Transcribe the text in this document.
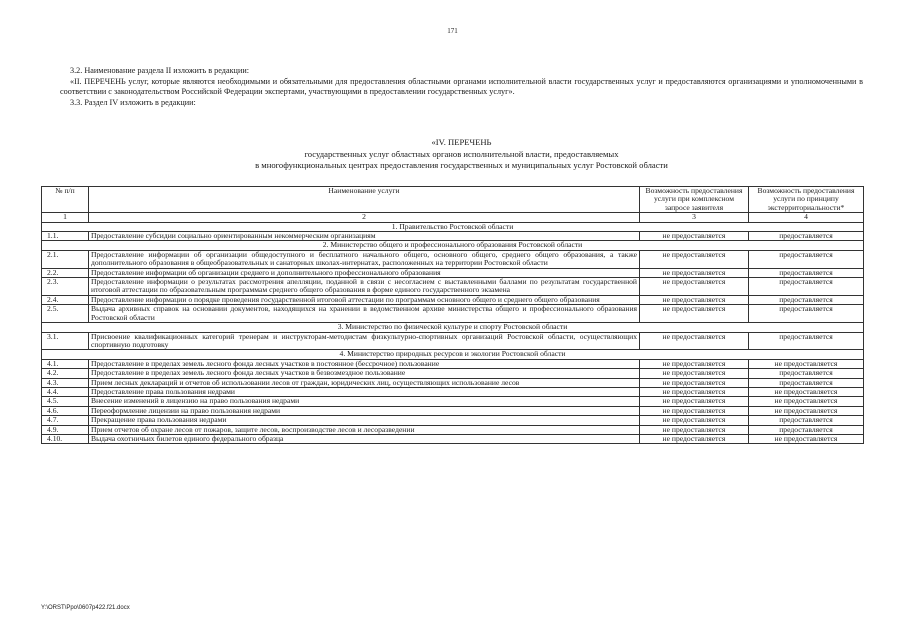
171

3.2. Наименование раздела II изложить в редакции:

«II. ПЕРЕЧЕНЬ услуг, которые являются необходимыми и обязательными для предоставления областными органами исполнительной власти государственных услуг и предоставляются организациями и уполномоченными в соответствии с законодательством Российской Федерации экспертами, участвующими в предоставлении государственных услуг».

3.3. Раздел IV изложить в редакции:

«IV. ПЕРЕЧЕНЬ
государственных услуг областных органов исполнительной власти, предоставляемых
в многофункциональных центрах предоставления государственных и муниципальных услуг Ростовской области
№ п/п	Наименование услуги	Возможность предоставления услуги при комплексном запросе заявителя	Возможность предоставления услуги по принципу экстерриториальности*
1	2	3	4
1. Правительство Ростовской области			
1.1.	Предоставление субсидии социально ориентированным некоммерческим организациям	не предоставляется	предоставляется
2. Министерство общего и профессионального образования Ростовской области			
2.1.	Предоставление информации об организации общедоступного и бесплатного начального общего, основного общего, среднего общего образования, а также дополнительного образования в общеобразовательных и санаторных школах-интернатах, расположенных на территории Ростовской области	не предоставляется	предоставляется
2.2.	Предоставление информации об организации среднего и дополнительного профессионального образования	не предоставляется	предоставляется
2.3.	Предоставление информации о результатах рассмотрения апелляции, поданной в связи с несогласием с выставленными баллами по результатам государственной итоговой аттестации по образовательным программам среднего общего образования в форме единого государственного экзамена	не предоставляется	предоставляется
2.4.	Предоставление информации о порядке проведения государственной итоговой аттестации по программам основного общего и среднего общего образования	не предоставляется	предоставляется
2.5.	Выдача архивных справок на основании документов, находящихся на хранении в ведомственном архиве министерства общего и профессионального образования Ростовской области	не предоставляется	предоставляется
3. Министерство по физической культуре и спорту Ростовской области			
3.1.	Присвоение квалификационных категорий тренерам и инструкторам-методистам физкультурно-спортивных организаций Ростовской области, осуществляющих спортивную подготовку	не предоставляется	предоставляется
4. Министерство природных ресурсов и экологии Ростовской области			
4.1.	Предоставление в пределах земель лесного фонда лесных участков в постоянное (бессрочное) пользование	не предоставляется	не предоставляется
4.2.	Предоставление в пределах земель лесного фонда лесных участков в безвозмездное пользование	не предоставляется	предоставляется
4.3.	Прием лесных деклараций и отчетов об использовании лесов от граждан, юридических лиц, осуществляющих использование лесов	не предоставляется	предоставляется
4.4.	Предоставление права пользования недрами	не предоставляется	не предоставляется
4.5.	Внесение изменений в лицензию на право пользования недрами	не предоставляется	не предоставляется
4.6.	Переоформление лицензии на право пользования недрами	не предоставляется	не предоставляется
4.7.	Прекращение права пользования недрами	не предоставляется	предоставляется
4.9.	Прием отчетов об охране лесов от пожаров, защите лесов, воспроизводстве лесов и лесоразведении	не предоставляется	предоставляется
4.10.	Выдача охотничьих билетов единого федерального образца	не предоставляется	не предоставляется
Y:\ORST\Ppo\0607p422.f21.docx
